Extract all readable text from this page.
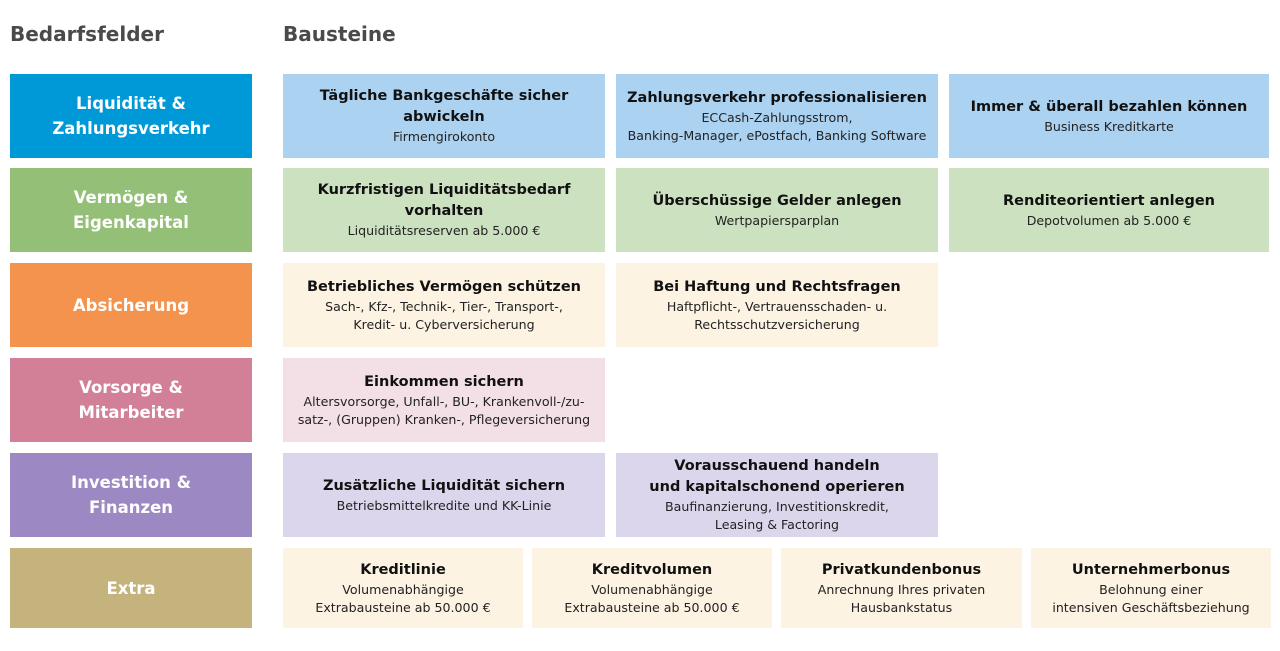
Bedarfsfelder	Bausteine
Liquidität &
Zahlungsverkehr
Tägliche Bankgeschäfte sicher abwickeln
Firmengirokonto
Zahlungsverkehr professionalisieren
ECCash-Zahlungsstrom,
Banking-Manager, ePostfach, Banking Software
Immer & überall bezahlen können
Business Kreditkarte
Vermögen &
Eigenkapital
Kurzfristigen Liquiditätsbedarf vorhalten
Liquiditätsreserven ab 5.000 €
Überschüssige Gelder anlegen
Wertpapiersparplan
Renditeorientiert anlegen
Depotvolumen ab 5.000 €
Absicherung
Betriebliches Vermögen schützen
Sach-, Kfz-, Technik-, Tier-, Transport-,
Kredit- u. Cyberversicherung
Bei Haftung und Rechtsfragen
Haftpflicht-, Vertrauensschaden- u.
Rechtsschutzversicherung
Vorsorge &
Mitarbeiter
Einkommen sichern
Altersvorsorge, Unfall-, BU-, Krankenvoll-/zu-
satz-, (Gruppen) Kranken-, Pflegeversicherung
Investition &
Finanzen
Zusätzliche Liquidität sichern
Betriebsmittelkredite und KK-Linie
Vorausschauend handeln
und kapitalschonend operieren
Baufinanzierung, Investitionskredit,
Leasing & Factoring
Extra
Kreditlinie
Volumenabhängige
Extrabausteine ab 50.000 €
Kreditvolumen
Volumenabhängige
Extrabausteine ab 50.000 €
Privatkundenbonus
Anrechnung Ihres privaten
Hausbankstatus
Unternehmerbonus
Belohnung einer
intensiven Geschäftsbeziehung
